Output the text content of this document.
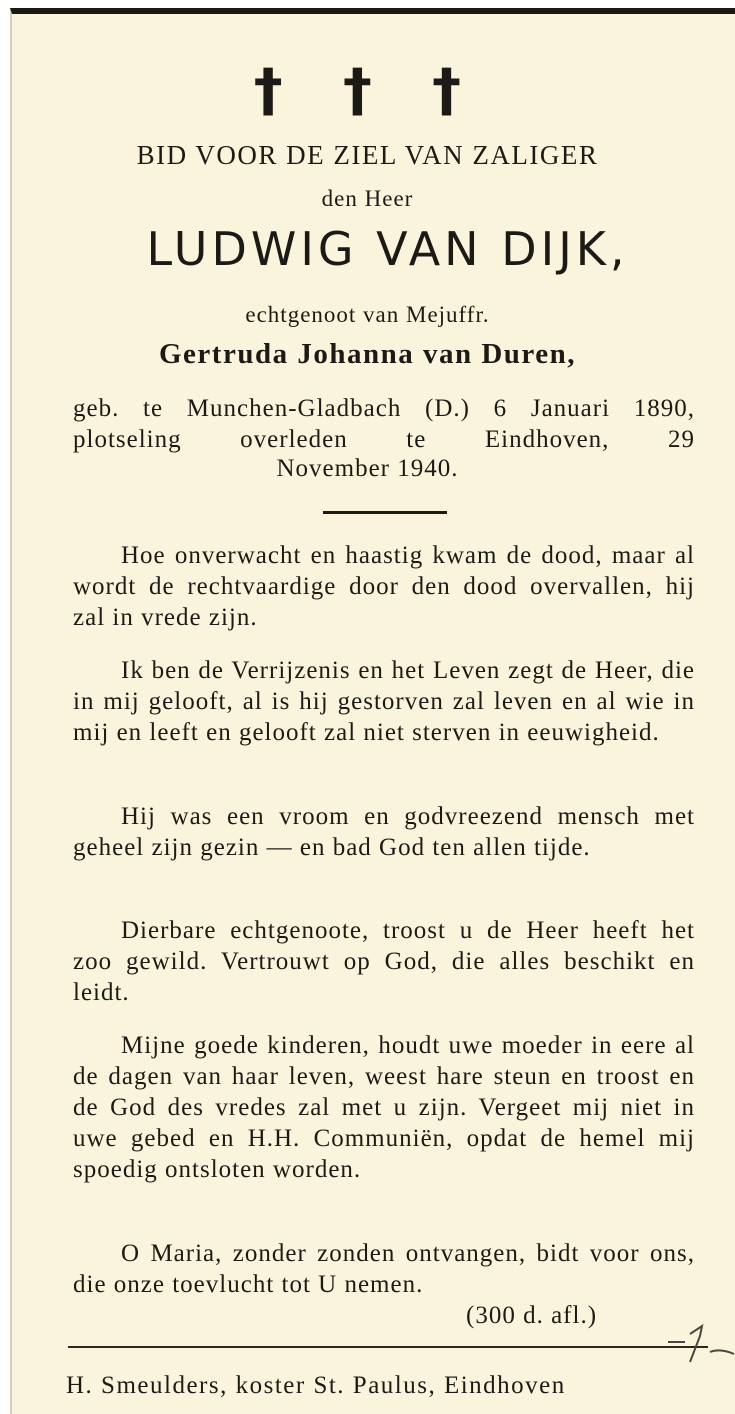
† † †
BID VOOR DE ZIEL VAN ZALIGER
den Heer
LUDWIG VAN DIJK,
echtgenoot van Mejuffr.
Gertruda Johanna van Duren,

geb. te Munchen-Gladbach (D.) 6 Januari 1890, plotseling overleden te Eindhoven, 29

November 1940.

Hoe onverwacht en haastig kwam de dood, maar al wordt de rechtvaardige door den dood overvallen, hij zal in vrede zijn.

Ik ben de Verrijzenis en het Leven zegt de Heer, die in mij gelooft, al is hij gestorven zal leven en al wie in mij en leeft en gelooft zal niet sterven in eeuwigheid.

Hij was een vroom en godvreezend mensch met geheel zijn gezin — en bad God ten allen tijde.

Dierbare echtgenoote, troost u de Heer heeft het zoo gewild. Vertrouwt op God, die alles beschikt en leidt.

Mijne goede kinderen, houdt uwe moeder in eere al de dagen van haar leven, weest hare steun en troost en de God des vredes zal met u zijn. Vergeet mij niet in uwe gebed en H.H. Communiën, opdat de hemel mij spoedig ontsloten worden.

O Maria, zonder zonden ontvangen, bidt voor ons, die onze toevlucht tot U nemen.

(300 d. afl.)
H. Smeulders, koster St. Paulus, Eindhoven
